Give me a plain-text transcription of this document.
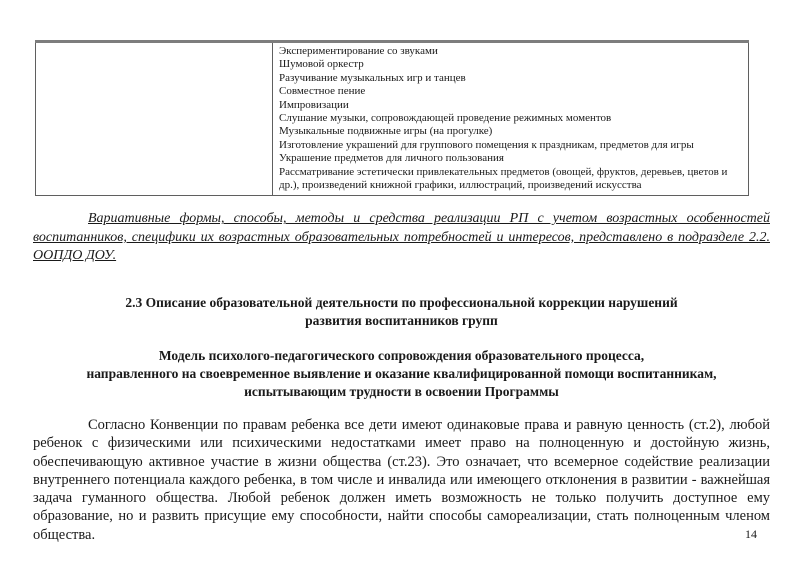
Экспериментирование со звуками
Шумовой оркестр
Разучивание музыкальных игр и танцев
Совместное пение
Импровизации
Слушание музыки, сопровождающей проведение режимных моментов
Музыкальные подвижные игры (на прогулке)
Изготовление украшений для группового помещения к праздникам, предметов для игры
Украшение предметов для личного пользования
Рассматривание эстетически привлекательных предметов (овощей, фруктов, деревьев, цветов и др.), произведений книжной графики, иллюстраций, произведений искусства

Вариативные формы, способы, методы и средства реализации РП с учетом возрастных особенностей воспитанников, специфики их возрастных образовательных потребностей и интересов, представлено в подразделе 2.2. ООПДО ДОУ.

2.3 Описание образовательной деятельности по профессиональной коррекции нарушений
развития воспитанников групп
Модель психолого-педагогического сопровождения образовательного процесса,
направленного на своевременное выявление и оказание квалифицированной помощи воспитанникам,
испытывающим трудности в освоении Программы

Согласно Конвенции по правам ребенка все дети имеют одинаковые права и равную ценность (ст.2), любой ребенок с физическими или психическими недостатками имеет право на полноценную и достойную жизнь, обеспечивающую активное участие в жизни общества (ст.23). Это означает, что всемерное содействие реализации внутреннего потенциала каждого ребенка, в том числе и инвалида или имеющего отклонения в развитии - важнейшая задача гуманного общества. Любой ребенок должен иметь возможность не только получить доступное ему образование, но и развить присущие ему способности, найти способы самореализации, стать полноценным членом общества.	14
